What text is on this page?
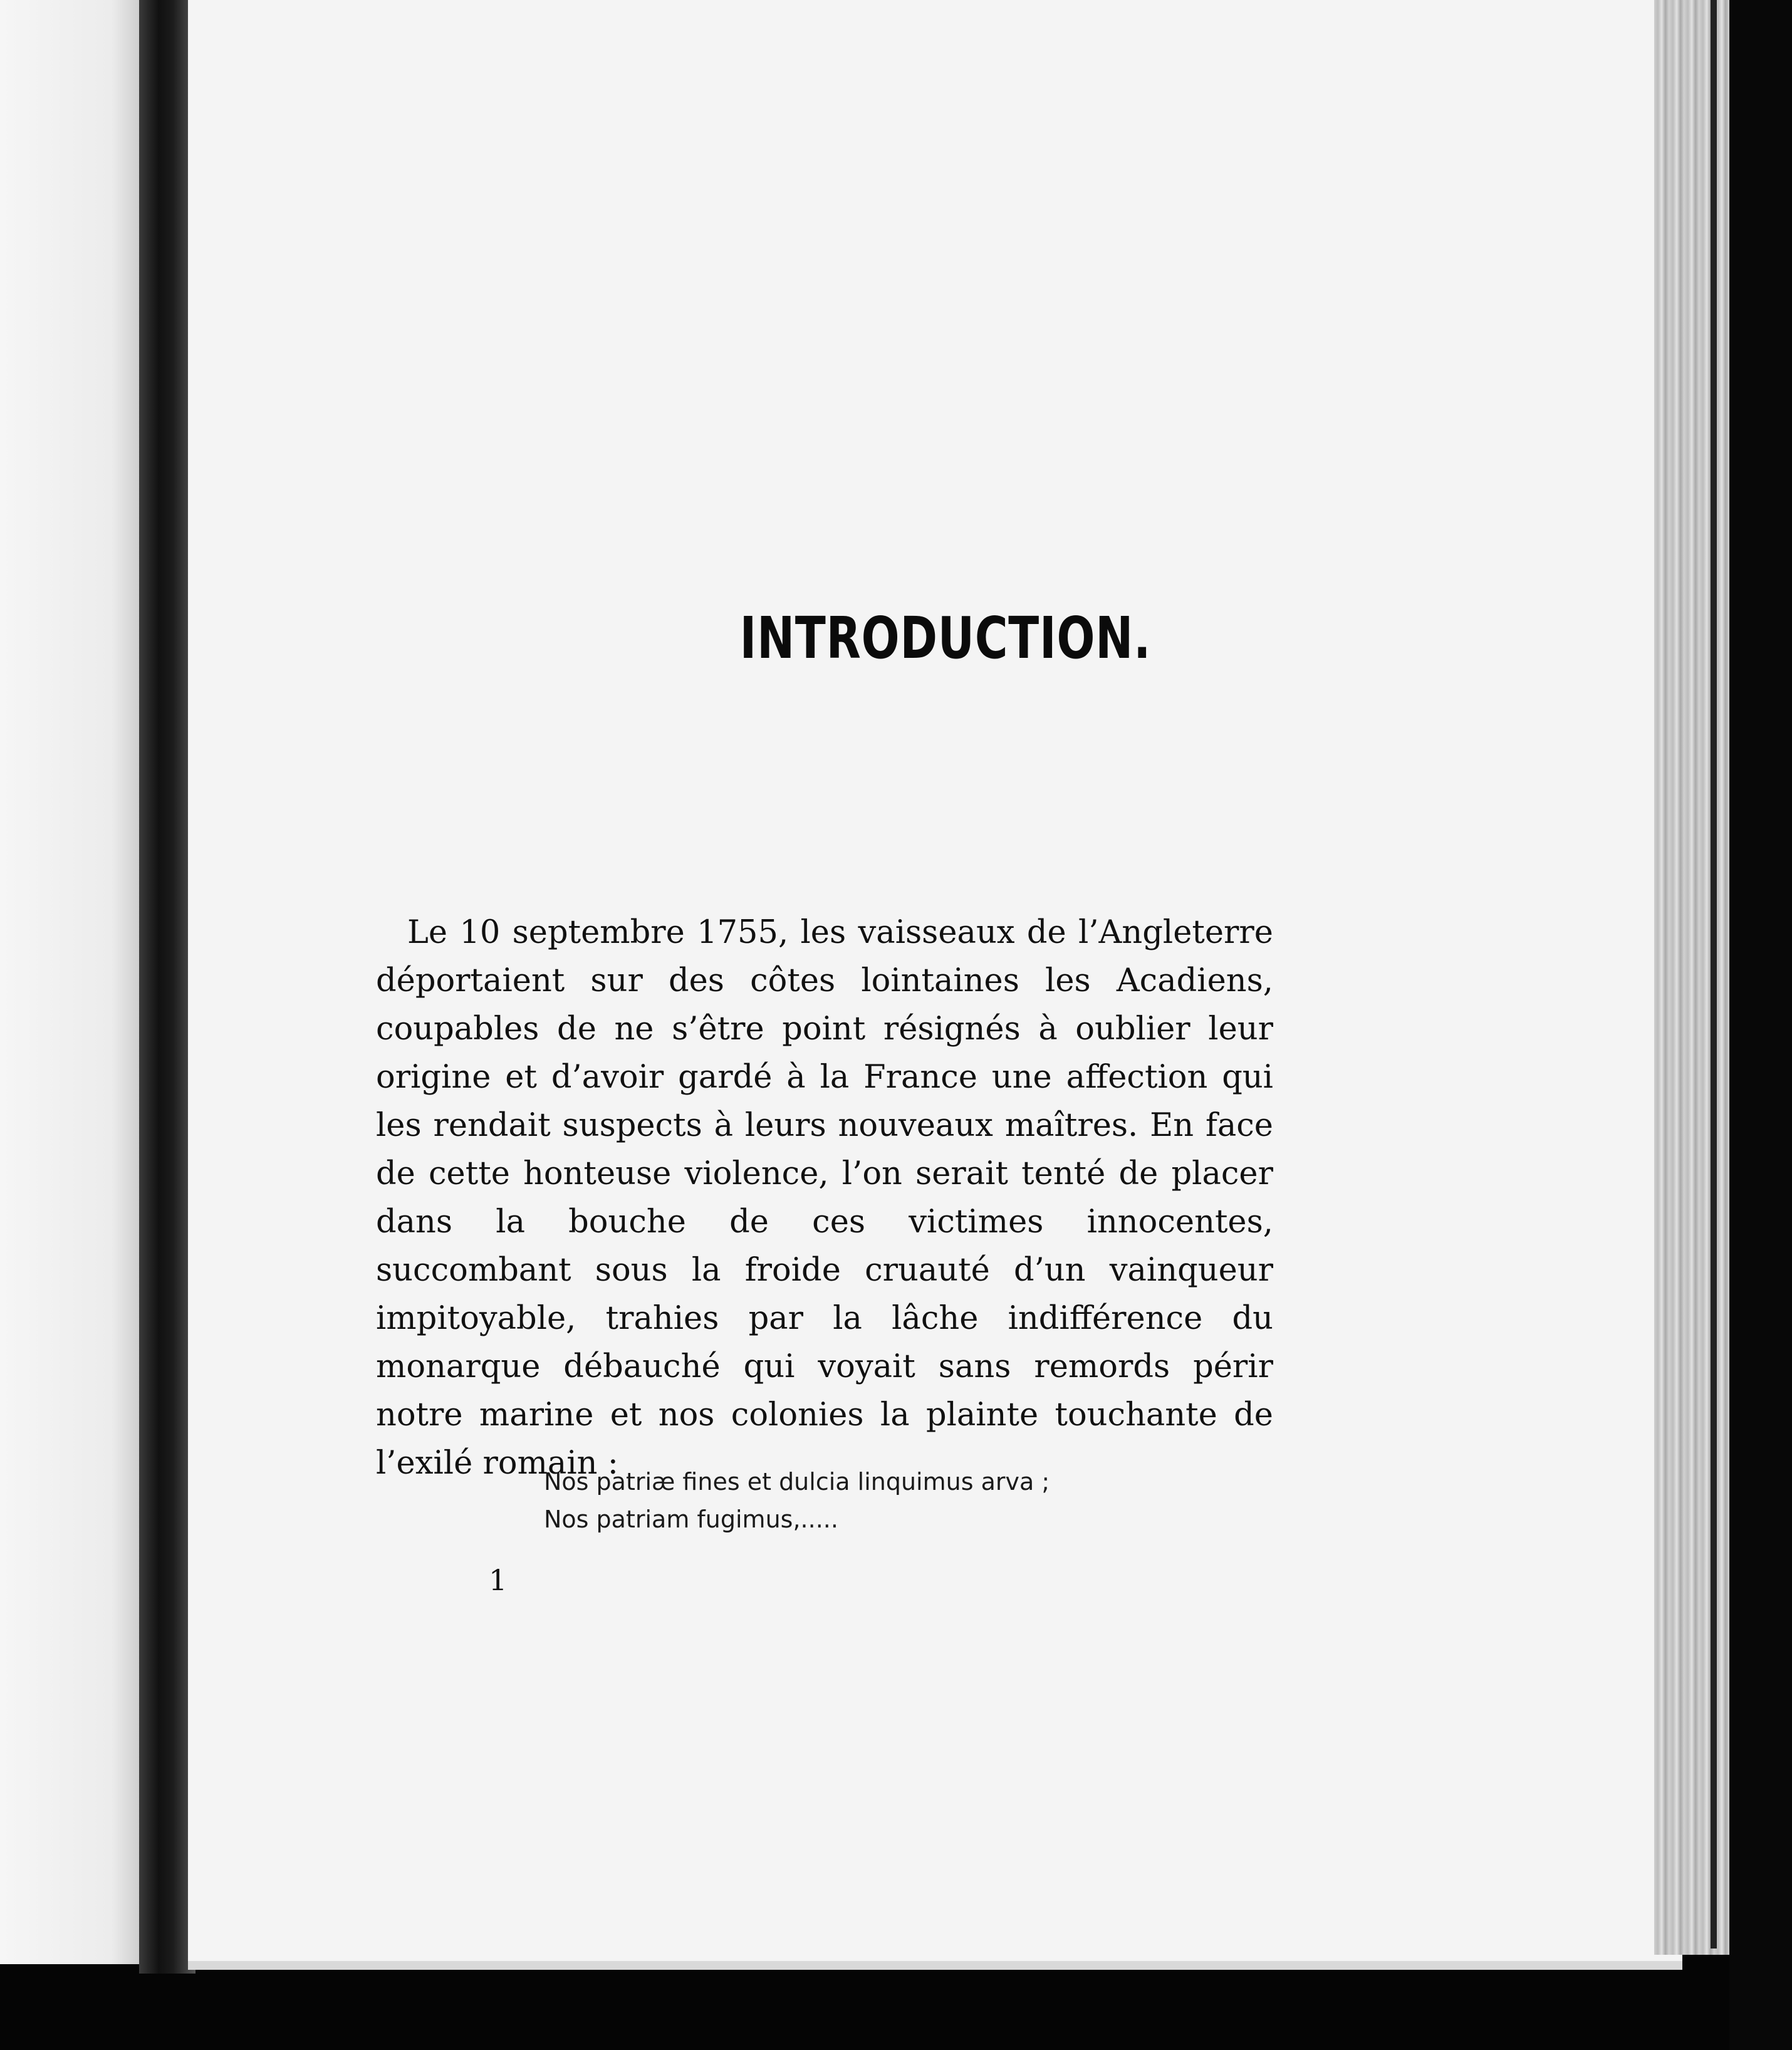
INTRODUCTION.

Le 10 septembre 1755, les vaisseaux de l’Angleterre déportaient sur des côtes lointaines les Acadiens, coupables de ne s’être point résignés à oublier leur origine et d’avoir gardé à la France une affection qui les rendait suspects à leurs nouveaux maîtres. En face de cette honteuse violence, l’on serait tenté de placer dans la bouche de ces victimes innocentes, succombant sous la froide cruauté d’un vainqueur impitoyable, trahies par la lâche indifférence du monarque débauché qui voyait sans remords périr notre marine et nos colonies la plainte touchante de l’exilé romain :

Nos patriæ fines et dulcia linquimus arva ;
Nos patriam fugimus,.....
1
